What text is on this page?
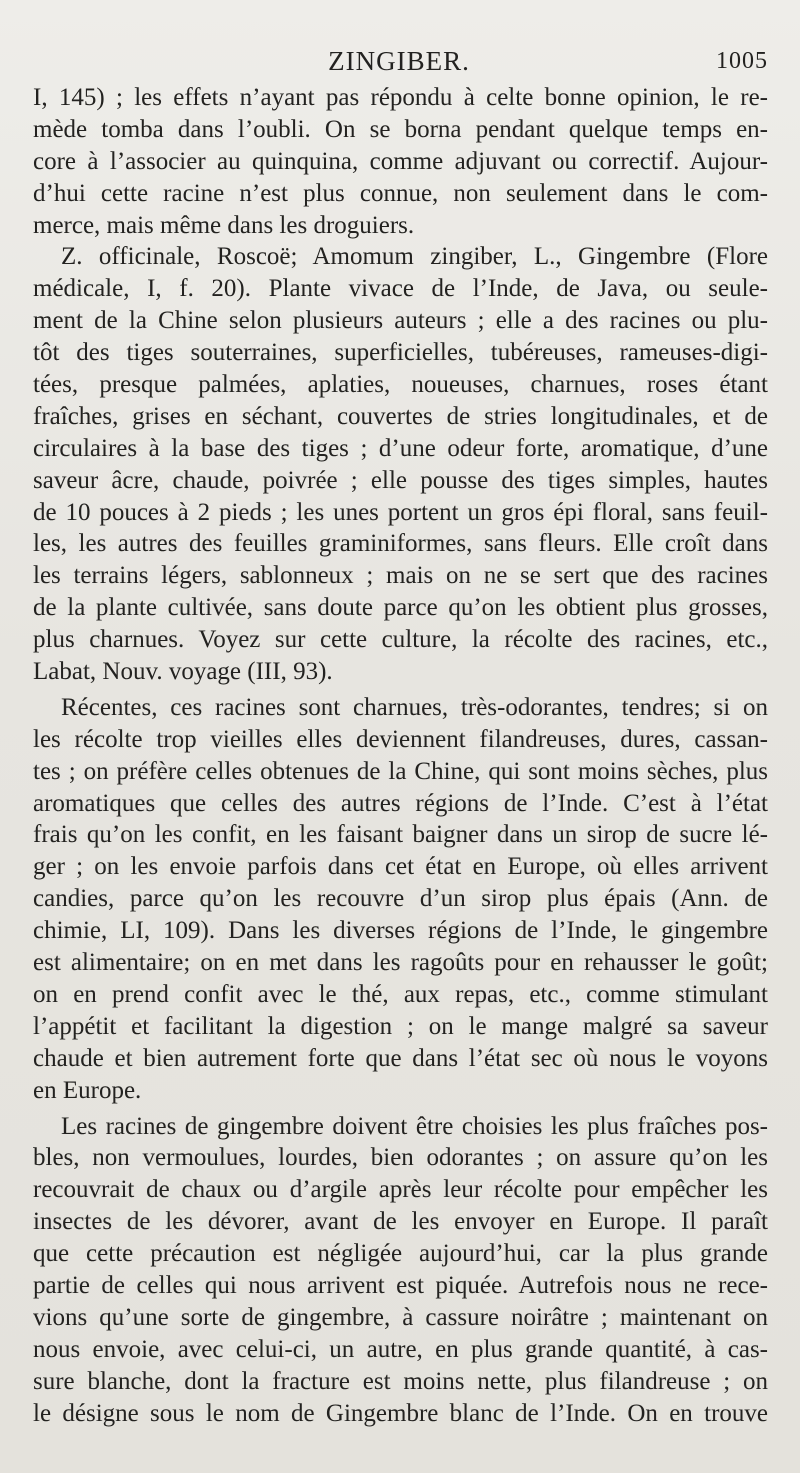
ZINGIBER.	1005
I, 145) ; les effets n’ayant pas répondu à celte bonne opinion, le re-
mède tomba dans l’oubli. On se borna pendant quelque temps en-
core à l’associer au quinquina, comme adjuvant ou correctif. Aujour-
d’hui cette racine n’est plus connue, non seulement dans le com-
merce, mais même dans les droguiers.
Z. officinale, Roscoë; Amomum zingiber, L., Gingembre (Flore
médicale, I, f. 20). Plante vivace de l’Inde, de Java, ou seule-
ment de la Chine selon plusieurs auteurs ; elle a des racines ou plu-
tôt des tiges souterraines, superficielles, tubéreuses, rameuses-digi-
tées, presque palmées, aplaties, noueuses, charnues, roses étant
fraîches, grises en séchant, couvertes de stries longitudinales, et de
circulaires à la base des tiges ; d’une odeur forte, aromatique, d’une
saveur âcre, chaude, poivrée ; elle pousse des tiges simples, hautes
de 10 pouces à 2 pieds ; les unes portent un gros épi floral, sans feuil-
les, les autres des feuilles graminiformes, sans fleurs. Elle croît dans
les terrains légers, sablonneux ; mais on ne se sert que des racines
de la plante cultivée, sans doute parce qu’on les obtient plus grosses,
plus charnues. Voyez sur cette culture, la récolte des racines, etc.,
Labat, Nouv. voyage (III, 93).
Récentes, ces racines sont charnues, très-odorantes, tendres; si on
les récolte trop vieilles elles deviennent filandreuses, dures, cassan-
tes ; on préfère celles obtenues de la Chine, qui sont moins sèches, plus
aromatiques que celles des autres régions de l’Inde. C’est à l’état
frais qu’on les confit, en les faisant baigner dans un sirop de sucre lé-
ger ; on les envoie parfois dans cet état en Europe, où elles arrivent
candies, parce qu’on les recouvre d’un sirop plus épais (Ann. de
chimie, LI, 109). Dans les diverses régions de l’Inde, le gingembre
est alimentaire; on en met dans les ragoûts pour en rehausser le goût;
on en prend confit avec le thé, aux repas, etc., comme stimulant
l’appétit et facilitant la digestion ; on le mange malgré sa saveur
chaude et bien autrement forte que dans l’état sec où nous le voyons
en Europe.
Les racines de gingembre doivent être choisies les plus fraîches pos-
bles, non vermoulues, lourdes, bien odorantes ; on assure qu’on les
recouvrait de chaux ou d’argile après leur récolte pour empêcher les
insectes de les dévorer, avant de les envoyer en Europe. Il paraît
que cette précaution est négligée aujourd’hui, car la plus grande
partie de celles qui nous arrivent est piquée. Autrefois nous ne rece-
vions qu’une sorte de gingembre, à cassure noirâtre ; maintenant on
nous envoie, avec celui-ci, un autre, en plus grande quantité, à cas-
sure blanche, dont la fracture est moins nette, plus filandreuse ; on
le désigne sous le nom de Gingembre blanc de l’Inde. On en trouve
